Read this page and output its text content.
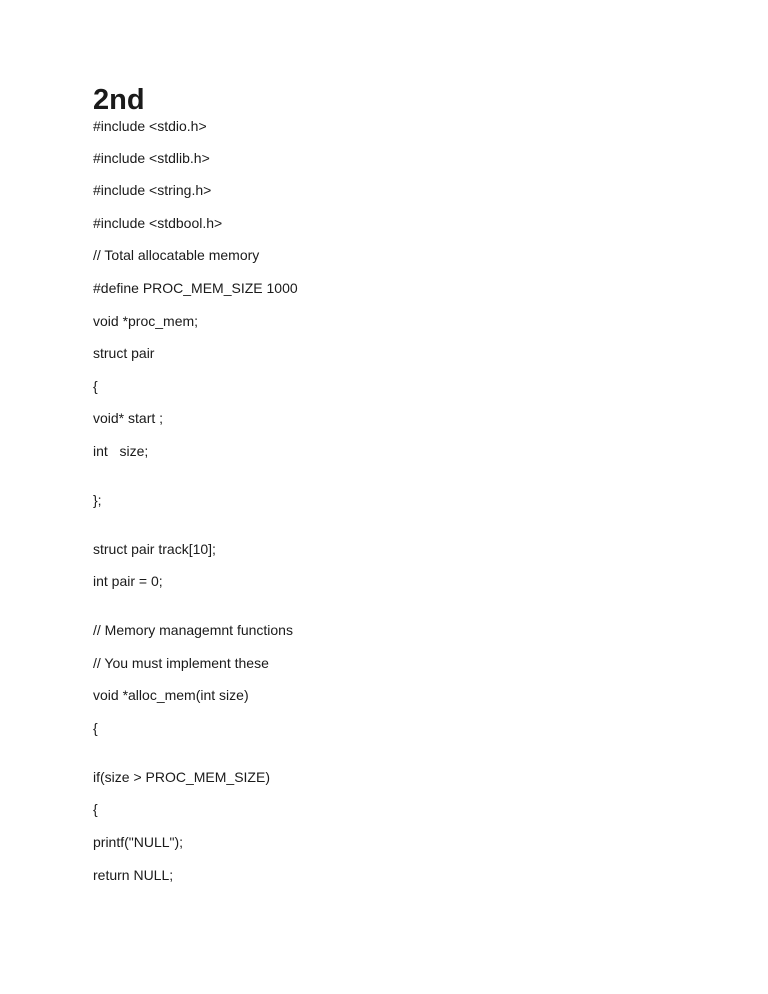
2nd

#include <stdio.h>

#include <stdlib.h>

#include <string.h>

#include <stdbool.h>

// Total allocatable memory

#define PROC_MEM_SIZE 1000

void *proc_mem;

struct pair

{

void* start ;

int   size;

};

struct pair track[10];

int pair = 0;

// Memory managemnt functions

// You must implement these

void *alloc_mem(int size)

{

if(size > PROC_MEM_SIZE)

{

printf("NULL");

return NULL;
